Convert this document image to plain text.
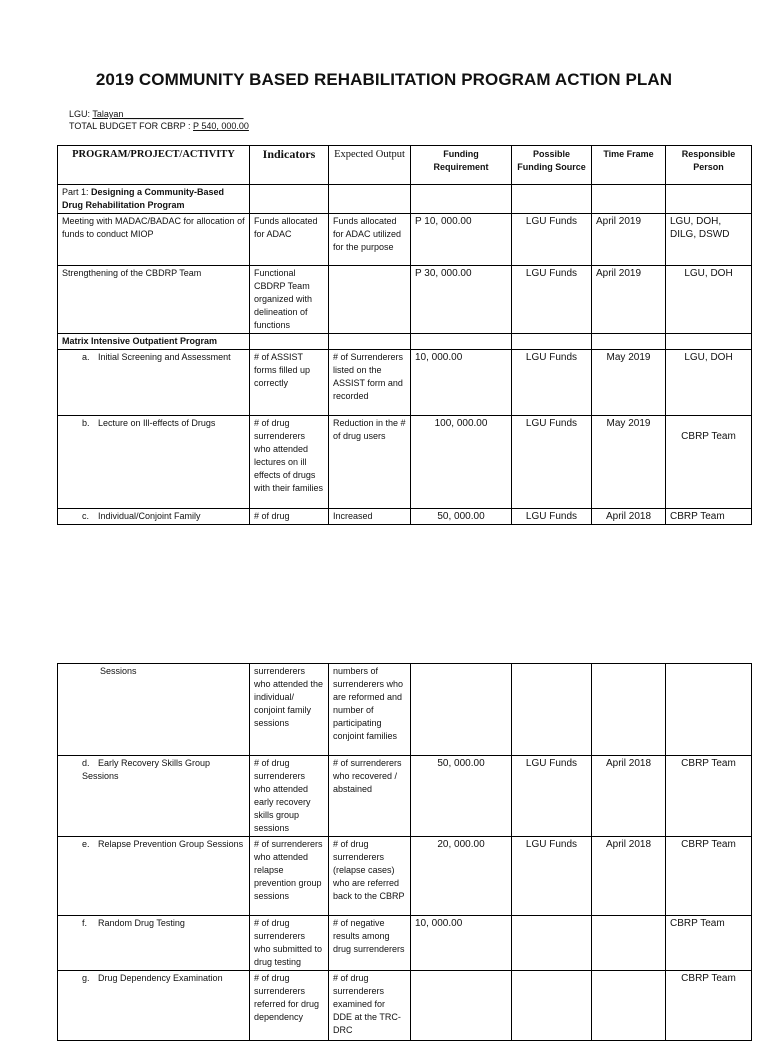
2019 COMMUNITY BASED REHABILITATION PROGRAM ACTION PLAN
LGU: Talayan________________________
TOTAL BUDGET FOR CBRP : P 540, 000.00
PROGRAM/PROJECT/ACTIVITY	Indicators	Expected Output	Funding Requirement	Possible Funding Source	Time Frame	Responsible Person
Part 1: Designing a Community-Based Drug Rehabilitation Program						
Meeting with MADAC/BADAC for allocation of funds to conduct MIOP	Funds allocated for ADAC	Funds allocated for ADAC utilized for the purpose	P 10, 000.00	LGU Funds	April 2019	LGU, DOH, DILG, DSWD
Strengthening of the CBDRP Team	Functional CBDRP Team organized with delineation of functions		P 30, 000.00	LGU Funds	April 2019	LGU, DOH
Matrix Intensive Outpatient Program						
a. Initial Screening and Assessment	# of ASSIST forms filled up correctly	# of Surrenderers listed on the ASSIST form and recorded	10, 000.00	LGU Funds	May 2019	LGU, DOH
b. Lecture on Ill-effects of Drugs	# of drug surrenderers who attended lectures on ill effects of drugs with their families	Reduction in the # of drug users	100, 000.00	LGU Funds	May 2019	CBRP Team
c. Individual/Conjoint Family	# of drug	Increased	50, 000.00	LGU Funds	April 2018	CBRP Team
Sessions	surrenderers who attended the individual/ conjoint family sessions	numbers of surrenderers who are reformed and number of participating conjoint families				
d. Early Recovery Skills Group Sessions	# of drug surrenderers who attended early recovery skills group sessions	# of surrenderers who recovered / abstained	50, 000.00	LGU Funds	April 2018	CBRP Team
e. Relapse Prevention Group Sessions	# of surrenderers who attended relapse prevention group sessions	# of drug surrenderers (relapse cases) who are referred back to the CBRP	20, 000.00	LGU Funds	April 2018	CBRP Team
f. Random Drug Testing	# of drug surrenderers who submitted to drug testing	# of negative results among drug surrenderers	10, 000.00			CBRP Team
g. Drug Dependency Examination	# of drug surrenderers referred for drug dependency	# of drug surrenderers examined for DDE at the TRC-DRC				CBRP Team
